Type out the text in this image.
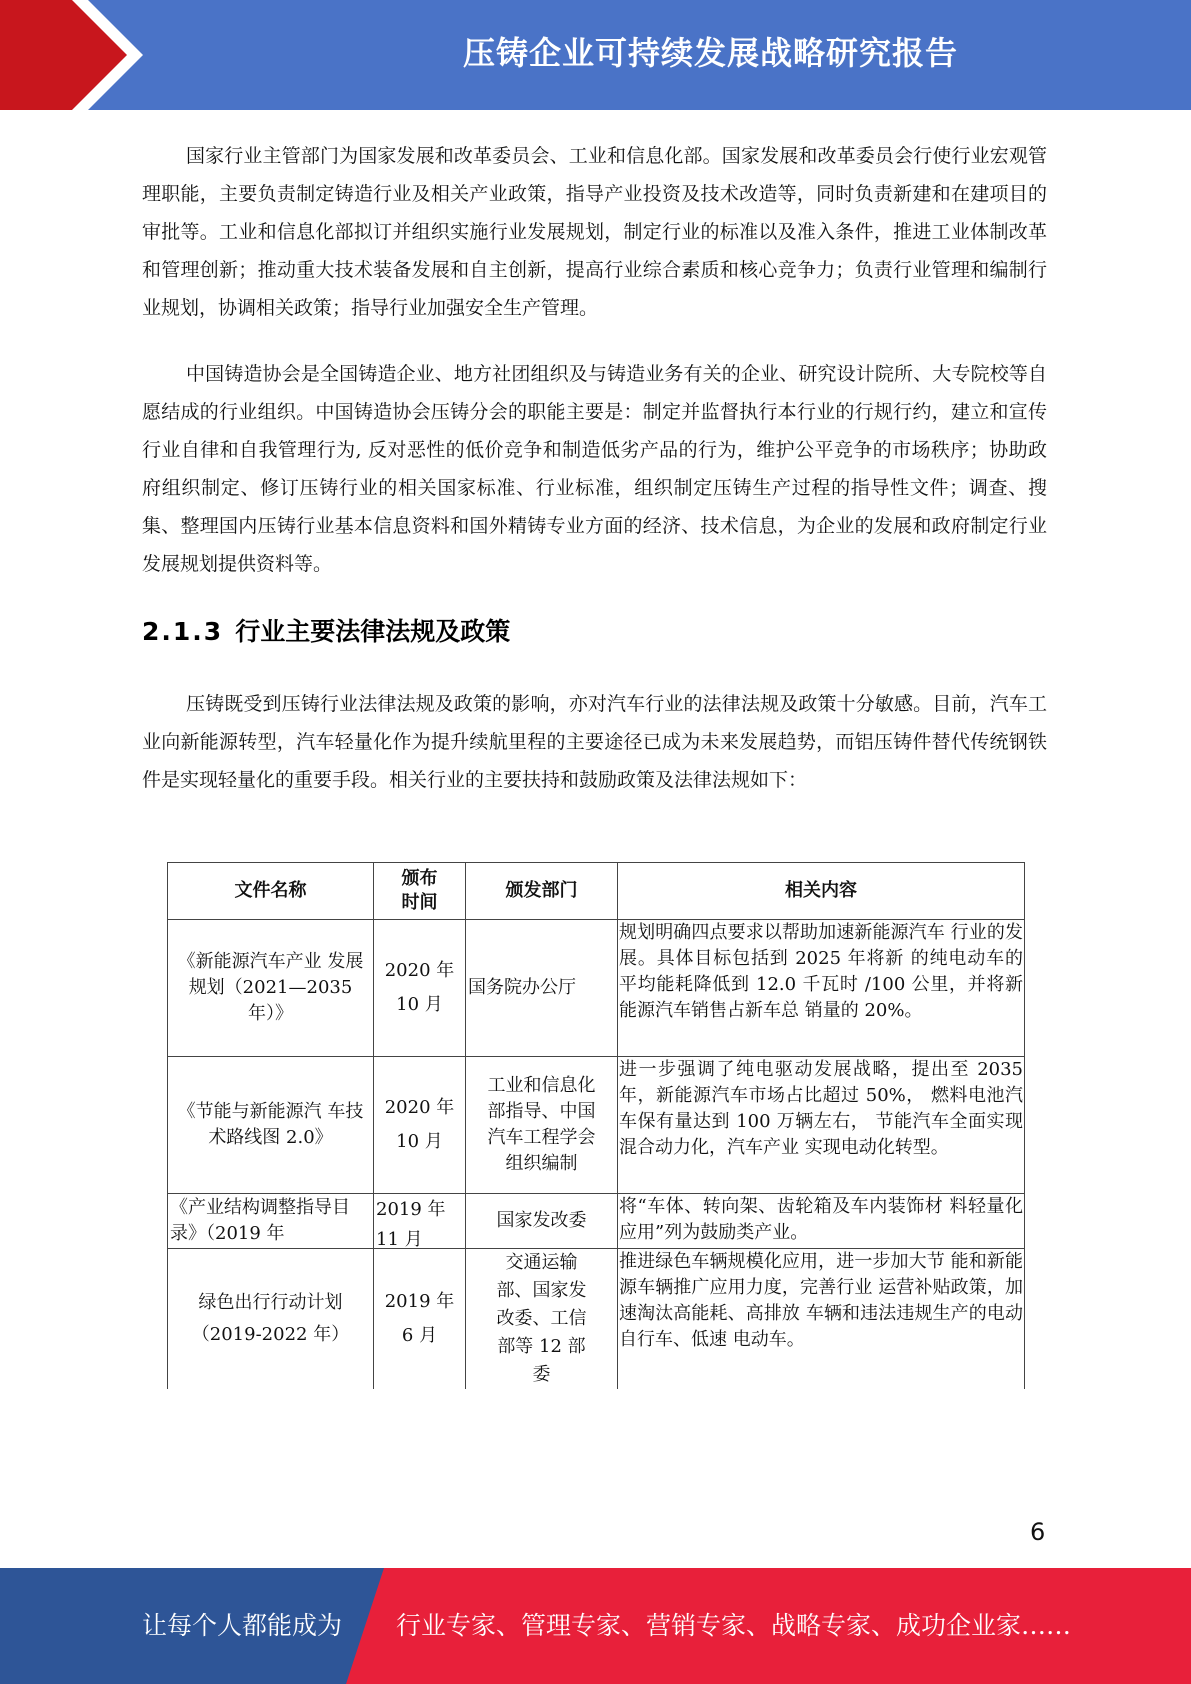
压铸企业可持续发展战略研究报告

国家行业主管部门为国家发展和改革委员会、工业和信息化部。国家发展和改革委员会行使行业宏观管理职能，主要负责制定铸造行业及相关产业政策，指导产业投资及技术改造等，同时负责新建和在建项目的审批等。工业和信息化部拟订并组织实施行业发展规划，制定行业的标准以及准入条件，推进工业体制改革和管理创新；推动重大技术装备发展和自主创新，提高行业综合素质和核心竞争力；负责行业管理和编制行业规划，协调相关政策；指导行业加强安全生产管理。

中国铸造协会是全国铸造企业、地方社团组织及与铸造业务有关的企业、研究设计院所、大专院校等自愿结成的行业组织。中国铸造协会压铸分会的职能主要是：制定并监督执行本行业的行规行约，建立和宣传行业自律和自我管理行为, 反对恶性的低价竞争和制造低劣产品的行为，维护公平竞争的市场秩序；协助政府组织制定、修订压铸行业的相关国家标准、行业标准，组织制定压铸生产过程的指导性文件；调查、搜集、整理国内压铸行业基本信息资料和国外精铸专业方面的经济、技术信息，为企业的发展和政府制定行业发展规划提供资料等。

2.1.3 行业主要法律法规及政策

压铸既受到压铸行业法律法规及政策的影响，亦对汽车行业的法律法规及政策十分敏感。目前，汽车工业向新能源转型，汽车轻量化作为提升续航里程的主要途径已成为未来发展趋势，而铝压铸件替代传统钢铁件是实现轻量化的重要手段。相关行业的主要扶持和鼓励政策及法律法规如下：

文件名称	颁布时间	颁发部门	相关内容

《新能源汽车产业 发展规划（2021—2035 年）》	2020 年 10 月	国务院办公厅	规划明确四点要求以帮助加速新能源汽车 行业的发展。具体目标包括到 2025 年将新 的纯电动车的平均能耗降低到 12.0 千瓦时 /100 公里，并将新能源汽车销售占新车总 销量的 20%。

《节能与新能源汽 车技术路线图 2.0》	2020 年 10 月	工业和信息化部指导、中国汽车工程学会组织编制	进一步强调了纯电驱动发展战略，提出至 2035 年，新能源汽车市场占比超过 50%， 燃料电池汽车保有量达到 100 万辆左右， 节能汽车全面实现混合动力化，汽车产业 实现电动化转型。

《产业结构调整指导目录》（2019 年	2019 年 11 月	国家发改委	将“车体、转向架、齿轮箱及车内装饰材 料轻量化应用”列为鼓励类产业。

绿色出行行动计划（2019-2022 年）	2019 年 6 月	交通运输部、国家发改委、工信部等 12 部委	推进绿色车辆规模化应用，进一步加大节 能和新能源车辆推广应用力度，完善行业 运营补贴政策，加速淘汰高能耗、高排放 车辆和违法违规生产的电动自行车、低速 电动车。
6
让每个人都能成为 行业专家、管理专家、营销专家、战略专家、成功企业家……
